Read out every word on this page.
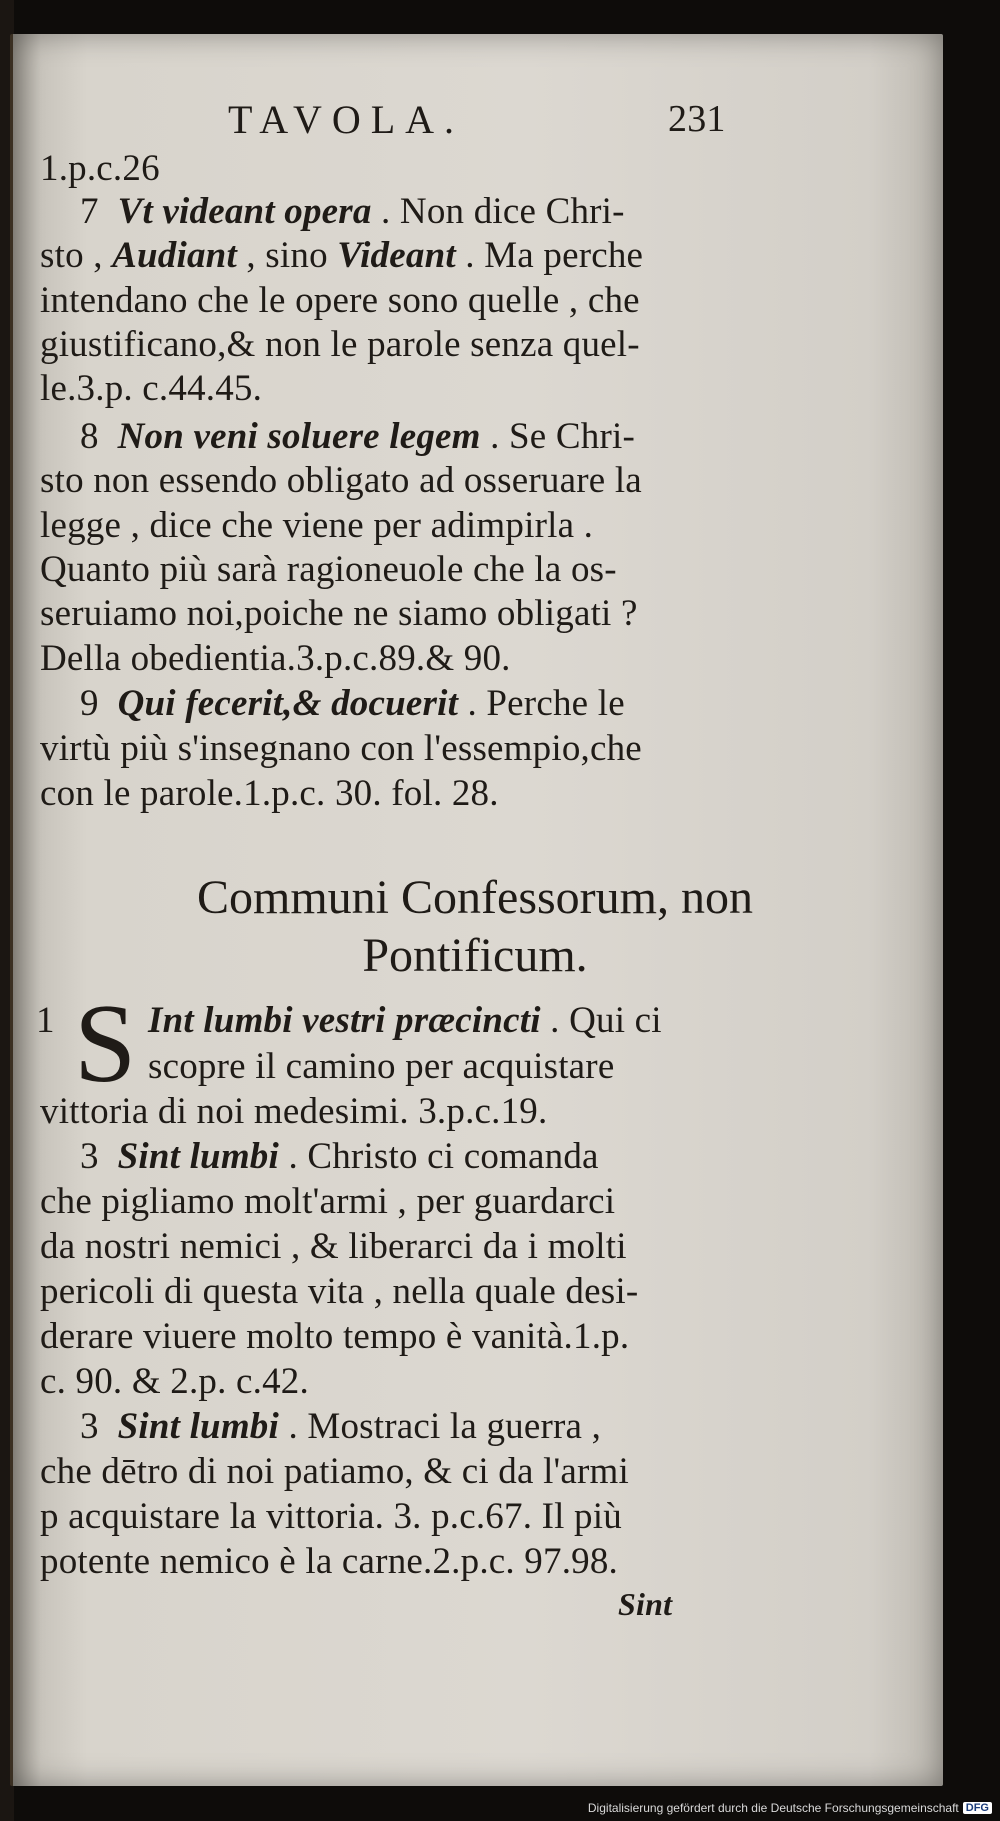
TAVOLA.	231
1.p.c.26
7 Vt videant opera . Non dice Chri-
sto , Audiant , sino Videant . Ma perche
intendano che le opere sono quelle , che
giustificano,& non le parole senza quel-
le.3.p. c.44.45.
8 Non veni soluere legem . Se Chri-
sto non essendo obligato ad osseruare la
legge , dice che viene per adimpirla .
Quanto più sarà ragioneuole che la os-
seruiamo noi,poiche ne siamo obligati ?
Della obedientia.3.p.c.89.& 90.
9 Qui fecerit,& docuerit . Perche le
virtù più s'insegnano con l'essempio,che
con le parole.1.p.c. 30. fol. 28.
Communi Confessorum, non
Pontificum.
S
1	Int lumbi vestri præcincti . Qui ci
scopre il camino per acquistare
vittoria di noi medesimi. 3.p.c.19.
3 Sint lumbi . Christo ci comanda
che pigliamo molt'armi , per guardarci
da nostri nemici , & liberarci da i molti
pericoli di questa vita , nella quale desi-
derare viuere molto tempo è vanità.1.p.
c. 90. & 2.p. c.42.
3 Sint lumbi . Mostraci la guerra ,
che dētro di noi patiamo, & ci da l'armi
p acquistare la vittoria. 3. p.c.67. Il più
potente nemico è la carne.2.p.c. 97.98.
Sint
Digitalisierung gefördert durch die Deutsche Forschungsgemeinschaft DFG
